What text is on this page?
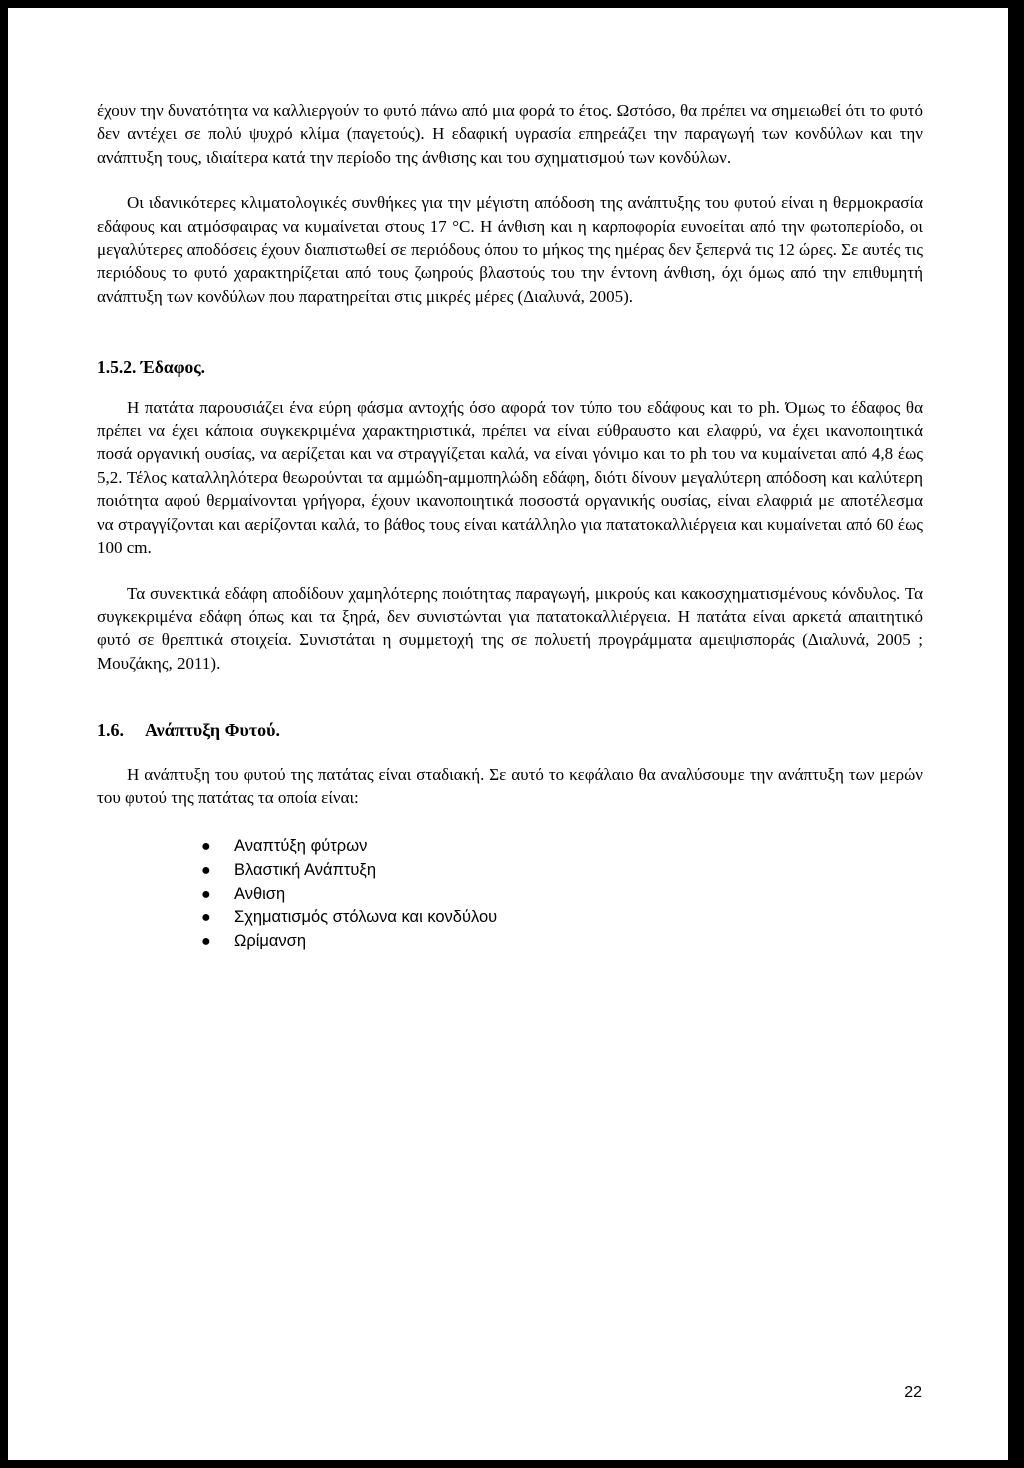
έχουν την δυνατότητα να καλλιεργούν το φυτό πάνω από μια φορά το έτος. Ωστόσο, θα πρέπει να σημειωθεί ότι το φυτό δεν αντέχει σε πολύ ψυχρό κλίμα (παγετούς). Η εδαφική υγρασία επηρεάζει την παραγωγή των κονδύλων και την ανάπτυξη τους, ιδιαίτερα κατά την περίοδο της άνθισης και του σχηματισμού των κονδύλων.

Οι ιδανικότερες κλιματολογικές συνθήκες για την μέγιστη απόδοση της ανάπτυξης του φυτού είναι η θερμοκρασία εδάφους και ατμόσφαιρας να κυμαίνεται στους 17 °C. Η άνθιση και η καρποφορία ευνοείται από την φωτοπερίοδο, οι μεγαλύτερες αποδόσεις έχουν διαπιστωθεί σε περιόδους όπου το μήκος της ημέρας δεν ξεπερνά τις 12 ώρες. Σε αυτές τις περιόδους το φυτό χαρακτηρίζεται από τους ζωηρούς βλαστούς του την έντονη άνθιση, όχι όμως από την επιθυμητή ανάπτυξη των κονδύλων που παρατηρείται στις μικρές μέρες (Διαλυνά, 2005).

1.5.2. Έδαφος.

Η πατάτα παρουσιάζει ένα εύρη φάσμα αντοχής όσο αφορά τον τύπο του εδάφους και το ph. Όμως το έδαφος θα πρέπει να έχει κάποια συγκεκριμένα χαρακτηριστικά, πρέπει να είναι εύθραυστο και ελαφρύ, να έχει ικανοποιητικά ποσά οργανική ουσίας, να αερίζεται και να στραγγίζεται καλά, να είναι γόνιμο και το ph του να κυμαίνεται από 4,8 έως 5,2. Τέλος καταλληλότερα θεωρούνται τα αμμώδη-αμμοπηλώδη εδάφη, διότι δίνουν μεγαλύτερη απόδοση και καλύτερη ποιότητα αφού θερμαίνονται γρήγορα, έχουν ικανοποιητικά ποσοστά οργανικής ουσίας, είναι ελαφριά με αποτέλεσμα να στραγγίζονται και αερίζονται καλά, το βάθος τους είναι κατάλληλο για πατατοκαλλιέργεια και κυμαίνεται από 60 έως 100 cm.

Τα συνεκτικά εδάφη αποδίδουν χαμηλότερης ποιότητας παραγωγή, μικρούς και κακοσχηματισμένους κόνδυλος. Τα συγκεκριμένα εδάφη όπως και τα ξηρά, δεν συνιστώνται για πατατοκαλλιέργεια. Η πατάτα είναι αρκετά απαιτητικό φυτό σε θρεπτικά στοιχεία. Συνιστάται η συμμετοχή της σε πολυετή προγράμματα αμειψισποράς (Διαλυνά, 2005 ; Μουζάκης, 2011).

1.6. Ανάπτυξη Φυτού.

Η ανάπτυξη του φυτού της πατάτας είναι σταδιακή. Σε αυτό το κεφάλαιο θα αναλύσουμε την ανάπτυξη των μερών του φυτού της πατάτας τα οποία είναι:

● Αναπτύξη φύτρων
● Βλαστική Ανάπτυξη
● Ανθιση
● Σχηματισμός στόλωνα και κονδύλου
● Ωρίμανση
22
